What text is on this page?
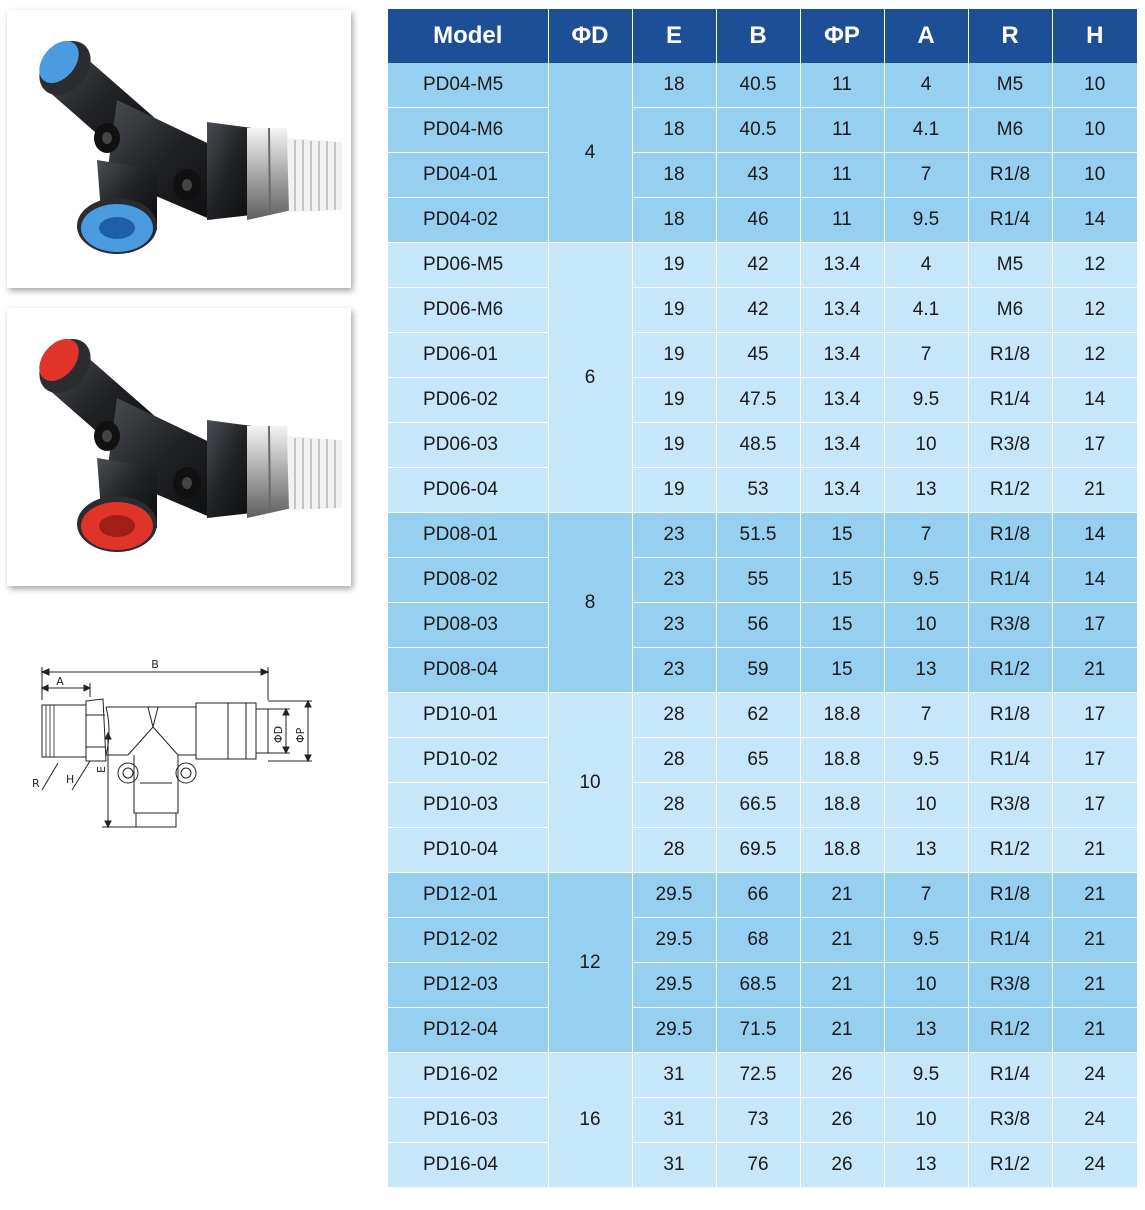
B
A
ΦD ΦP
R H
E
Model	ΦD	E	B	ΦP	A	R	H
PD04-M5	4	18	40.5	11	4	M5	10
PD04-M6		18	40.5	11	4.1	M6	10
PD04-01		18	43	11	7	R1/8	10
PD04-02		18	46	11	9.5	R1/4	14
PD06-M5	6	19	42	13.4	4	M5	12
PD06-M6		19	42	13.4	4.1	M6	12
PD06-01		19	45	13.4	7	R1/8	12
PD06-02		19	47.5	13.4	9.5	R1/4	14
PD06-03		19	48.5	13.4	10	R3/8	17
PD06-04		19	53	13.4	13	R1/2	21
PD08-01	8	23	51.5	15	7	R1/8	14
PD08-02		23	55	15	9.5	R1/4	14
PD08-03		23	56	15	10	R3/8	17
PD08-04		23	59	15	13	R1/2	21
PD10-01	10	28	62	18.8	7	R1/8	17
PD10-02		28	65	18.8	9.5	R1/4	17
PD10-03		28	66.5	18.8	10	R3/8	17
PD10-04		28	69.5	18.8	13	R1/2	21
PD12-01	12	29.5	66	21	7	R1/8	21
PD12-02		29.5	68	21	9.5	R1/4	21
PD12-03		29.5	68.5	21	10	R3/8	21
PD12-04		29.5	71.5	21	13	R1/2	21
PD16-02	16	31	72.5	26	9.5	R1/4	24
PD16-03		31	73	26	10	R3/8	24
PD16-04		31	76	26	13	R1/2	24
